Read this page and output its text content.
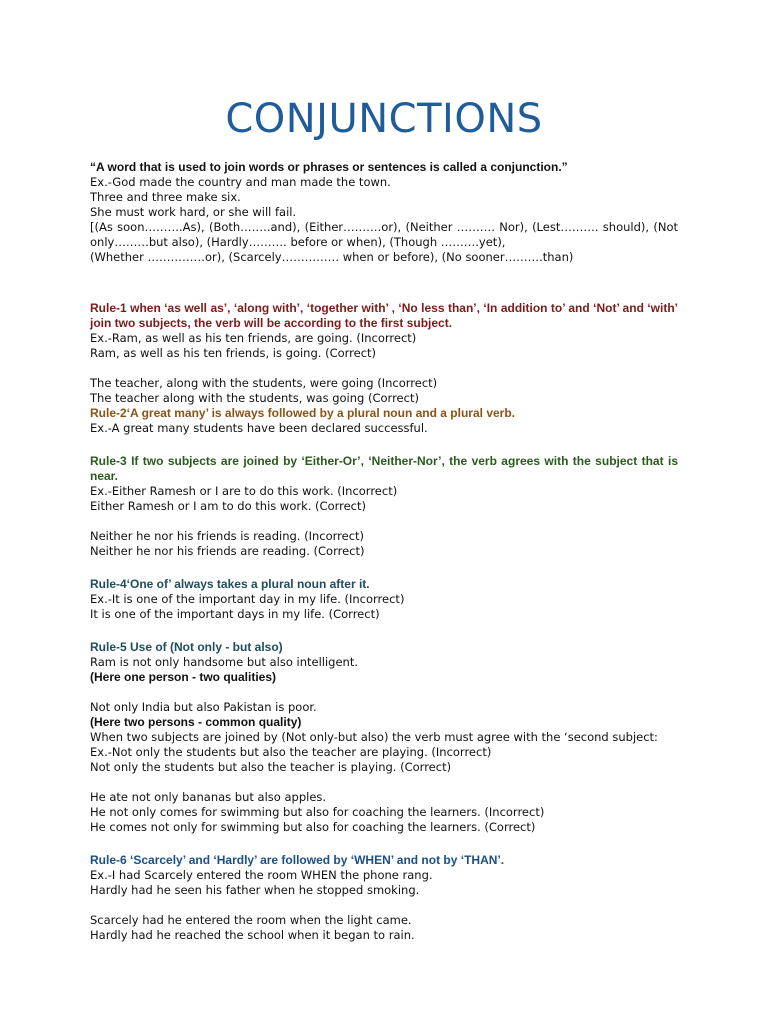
CONJUNCTIONS

“A word that is used to join words or phrases or sentences is called a conjunction.”

Ex.-God made the country and man made the town.

Three and three make six.

She must work hard, or she will fail.

[(As soon……….As), (Both……..and), (Either……….or), (Neither ………. Nor), (Lest………. should), (Not only………but also), (Hardly………. before or when), (Though ……….yet),

(Whether ……………or), (Scarcely…………… when or before), (No sooner……….than)

Rule-1 when ‘as well as’, ‘along with’, ‘together with’ , ‘No less than’, ‘In addition to’ and ‘Not’ and ‘with’ join two subjects, the verb will be according to the first subject.

Ex.-Ram, as well as his ten friends, are going. (Incorrect)

Ram, as well as his ten friends, is going. (Correct)

The teacher, along with the students, were going (Incorrect)

The teacher along with the students, was going (Correct)

Rule-2‘A great many’ is always followed by a plural noun and a plural verb.

Ex.-A great many students have been declared successful.

Rule-3 If two subjects are joined by ‘Either-Or’, ‘Neither-Nor’, the verb agrees with the subject that is near.

Ex.-Either Ramesh or I are to do this work. (Incorrect)

Either Ramesh or I am to do this work. (Correct)

Neither he nor his friends is reading. (Incorrect)

Neither he nor his friends are reading. (Correct)

Rule-4‘One of’ always takes a plural noun after it.

Ex.-It is one of the important day in my life. (Incorrect)

It is one of the important days in my life. (Correct)

Rule-5 Use of (Not only - but also)

Ram is not only handsome but also intelligent.

(Here one person - two qualities)

Not only India but also Pakistan is poor.

(Here two persons - common quality)

When two subjects are joined by (Not only-but also) the verb must agree with the ‘second subject:

Ex.-Not only the students but also the teacher are playing. (Incorrect)

Not only the students but also the teacher is playing. (Correct)

He ate not only bananas but also apples.

He not only comes for swimming but also for coaching the learners. (Incorrect)

He comes not only for swimming but also for coaching the learners. (Correct)

Rule-6 ‘Scarcely’ and ‘Hardly’ are followed by ‘WHEN’ and not by ‘THAN’.

Ex.-I had Scarcely entered the room WHEN the phone rang.

Hardly had he seen his father when he stopped smoking.

Scarcely had he entered the room when the light came.

Hardly had he reached the school when it began to rain.
